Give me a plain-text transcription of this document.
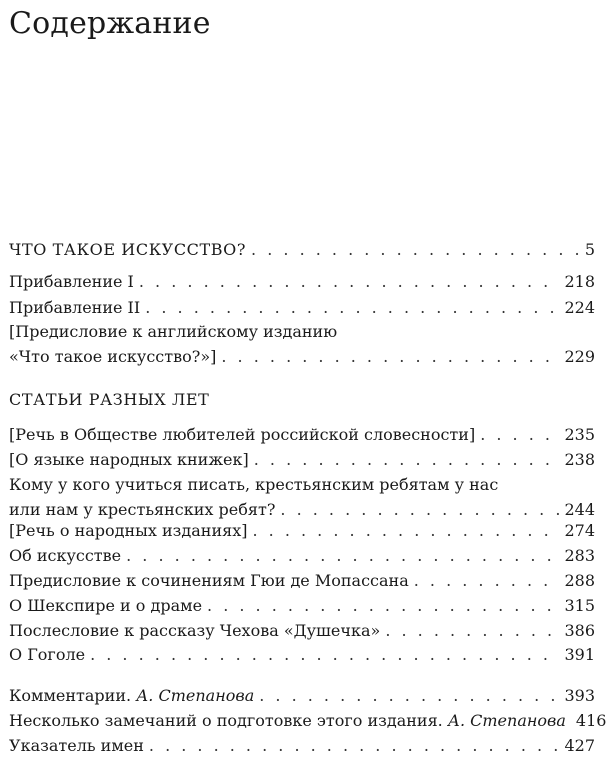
Содержание
ЧТО ТАКОЕ ИСКУССТВО? . . .	5
Прибавление I . . .	218
Прибавление II . . .	224
[Предисловие к английскому изданию
«Что такое искусство?»] . . .	229
СТАТЬИ РАЗНЫХ ЛЕТ
[Речь в Обществе любителей российской словесности] . . .	235
[О языке народных книжек] . . .	238
Кому у кого учиться писать, крестьянским ребятам у нас
или нам у крестьянских ребят? . . .	244
[Речь о народных изданиях] . . .	274
Об искусстве . . .	283
Предисловие к сочинениям Гюи де Мопассана . . .	288
О Шекспире и о драме . . .	315
Послесловие к рассказу Чехова «Душечка» . . .	386
О Гоголе . . .	391
Комментарии. А. Степанова . . .	393
Несколько замечаний о подготовке этого издания. А. Степанова 416
Указатель имен . . .	427
